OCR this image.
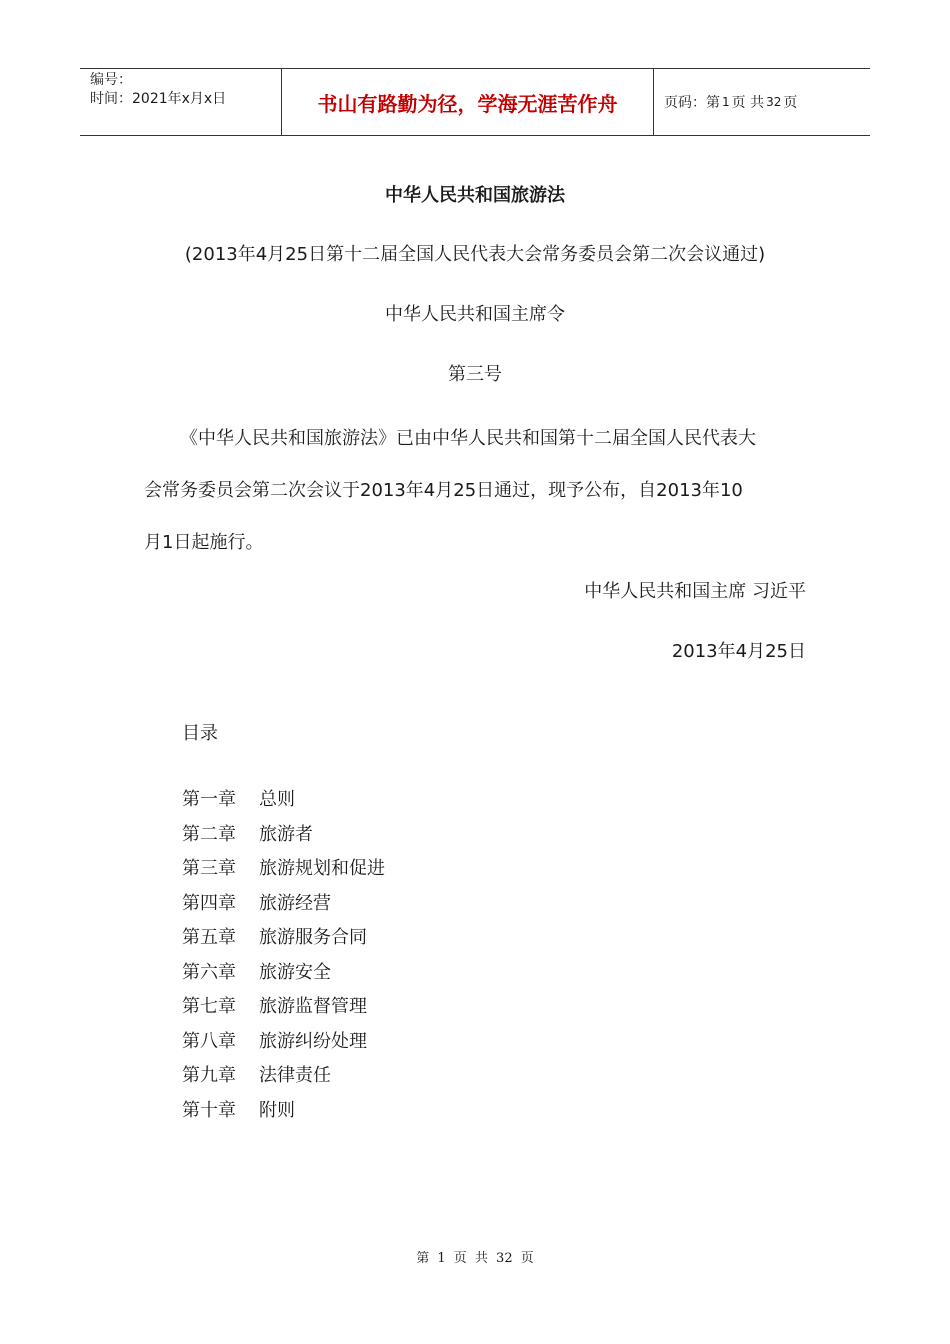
编号：
时间：2021年x月x日	书山有路勤为径，学海无涯苦作舟	页码：第 1 页 共 32 页
中华人民共和国旅游法
(2013年4月25日第十二届全国人民代表大会常务委员会第二次会议通过)
中华人民共和国主席令
第三号

《中华人民共和国旅游法》已由中华人民共和国第十二届全国人民代表大

会常务委员会第二次会议于2013年4月25日通过，现予公布，自2013年10

月1日起施行。

中华人民共和国主席 习近平
2013年4月25日
目录
第一章	总则
第二章	旅游者
第三章	旅游规划和促进
第四章	旅游经营
第五章	旅游服务合同
第六章	旅游安全
第七章	旅游监督管理
第八章	旅游纠纷处理
第九章	法律责任
第十章	附则
第 1 页 共 32 页
